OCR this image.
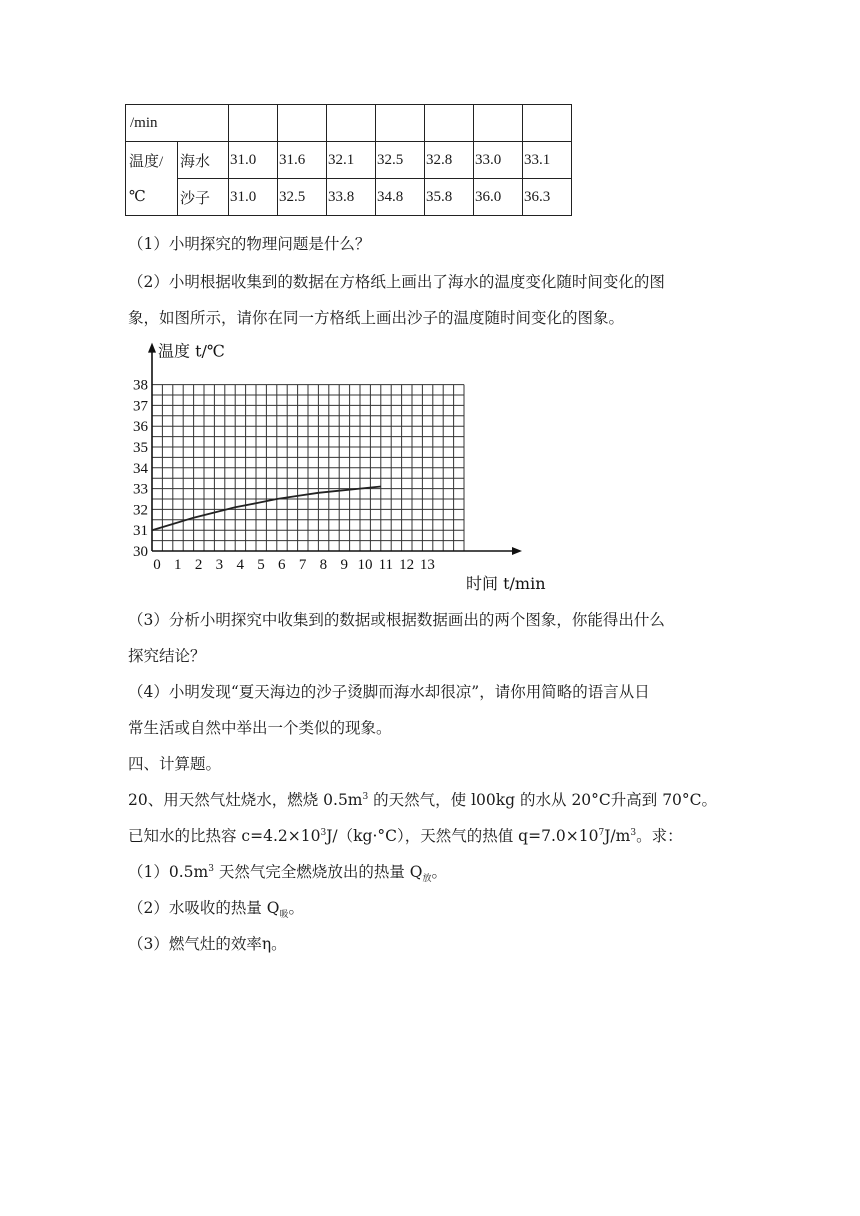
/min								

温度/
℃	海水	31.0	31.6	32.1	32.5	32.8	33.0	33.1
	沙子	31.0	32.5	33.8	34.8	35.8	36.0	36.3
（1）小明探究的物理问题是什么？
（2）小明根据收集到的数据在方格纸上画出了海水的温度变化随时间变化的图
象，如图所示，请你在同一方格纸上画出沙子的温度随时间变化的图象。
38
37
36
35
34
33
32
31
30
0 1 2 3 4 5 6 7 8 9 10 11 12 13
温度 t/℃
时间 t/min
（3）分析小明探究中收集到的数据或根据数据画出的两个图象，你能得出什么
探究结论？
（4）小明发现“夏天海边的沙子烫脚而海水却很凉”，请你用简略的语言从日
常生活或自然中举出一个类似的现象。
四、计算题。
20、用天然气灶烧水，燃烧 $0.5m^3$ 的天然气，使 l00kg 的水从 20°C升高到 70°C。
已知水的比热容 $c=4.2\times 10^3J/(kg\cdot^\circ C)$，天然气的热值 $q=7.0\times 10^7J/m^3$。求：
$(1)0.5m^3$ 天然气完全燃烧放出的热量 $Q_放$。
（2）水吸收的热量 $Q_吸$。
（3）燃气灶的效率η。
